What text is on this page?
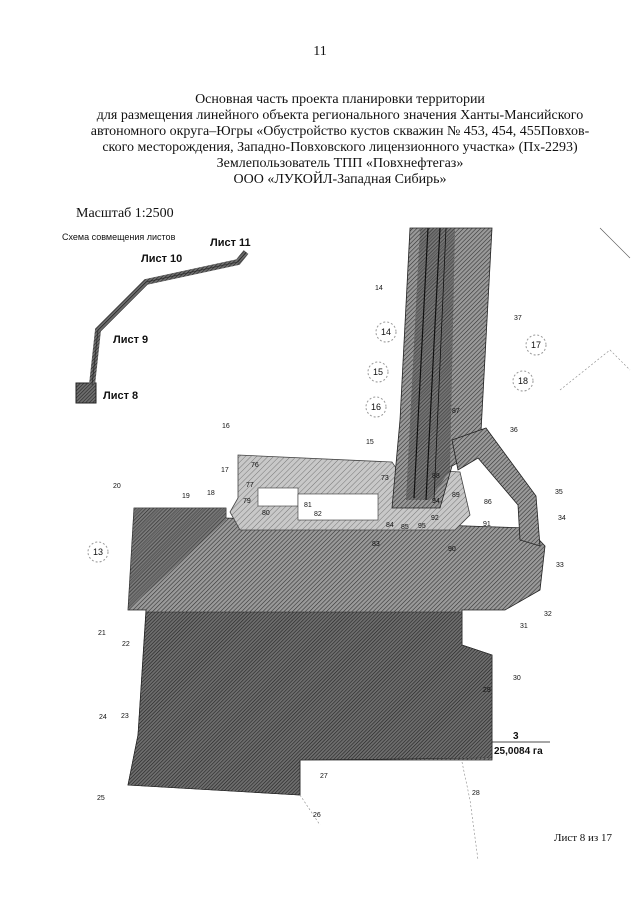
11
Основная часть проекта планировки территории
для размещения линейного объекта регионального значения Ханты-Мансийского
автономного округа–Югры «Обустройство кустов скважин № 453, 454, 455Повхов-
ского месторождения, Западно-Повховского лицензионного участка» (Пх-2293)
Землепользователь ТПП «Повхнефтегаз»
ООО «ЛУКОЙЛ-Западная Сибирь»
Масштаб 1:2500
Схема совмещения листов
Лист 8
Лист 9
Лист 10
Лист 11
3
25,0084 га
13
14
15
16
17
18
14
15
16
17
18
19
20
21
22
23
24
25
26
27
28
29
30
31
32
33
34
35
36
37
73
76
77
79
80
81
82
83
84 85
86
87
88
89
90
91
92
94
95
Лист 8 из 17
